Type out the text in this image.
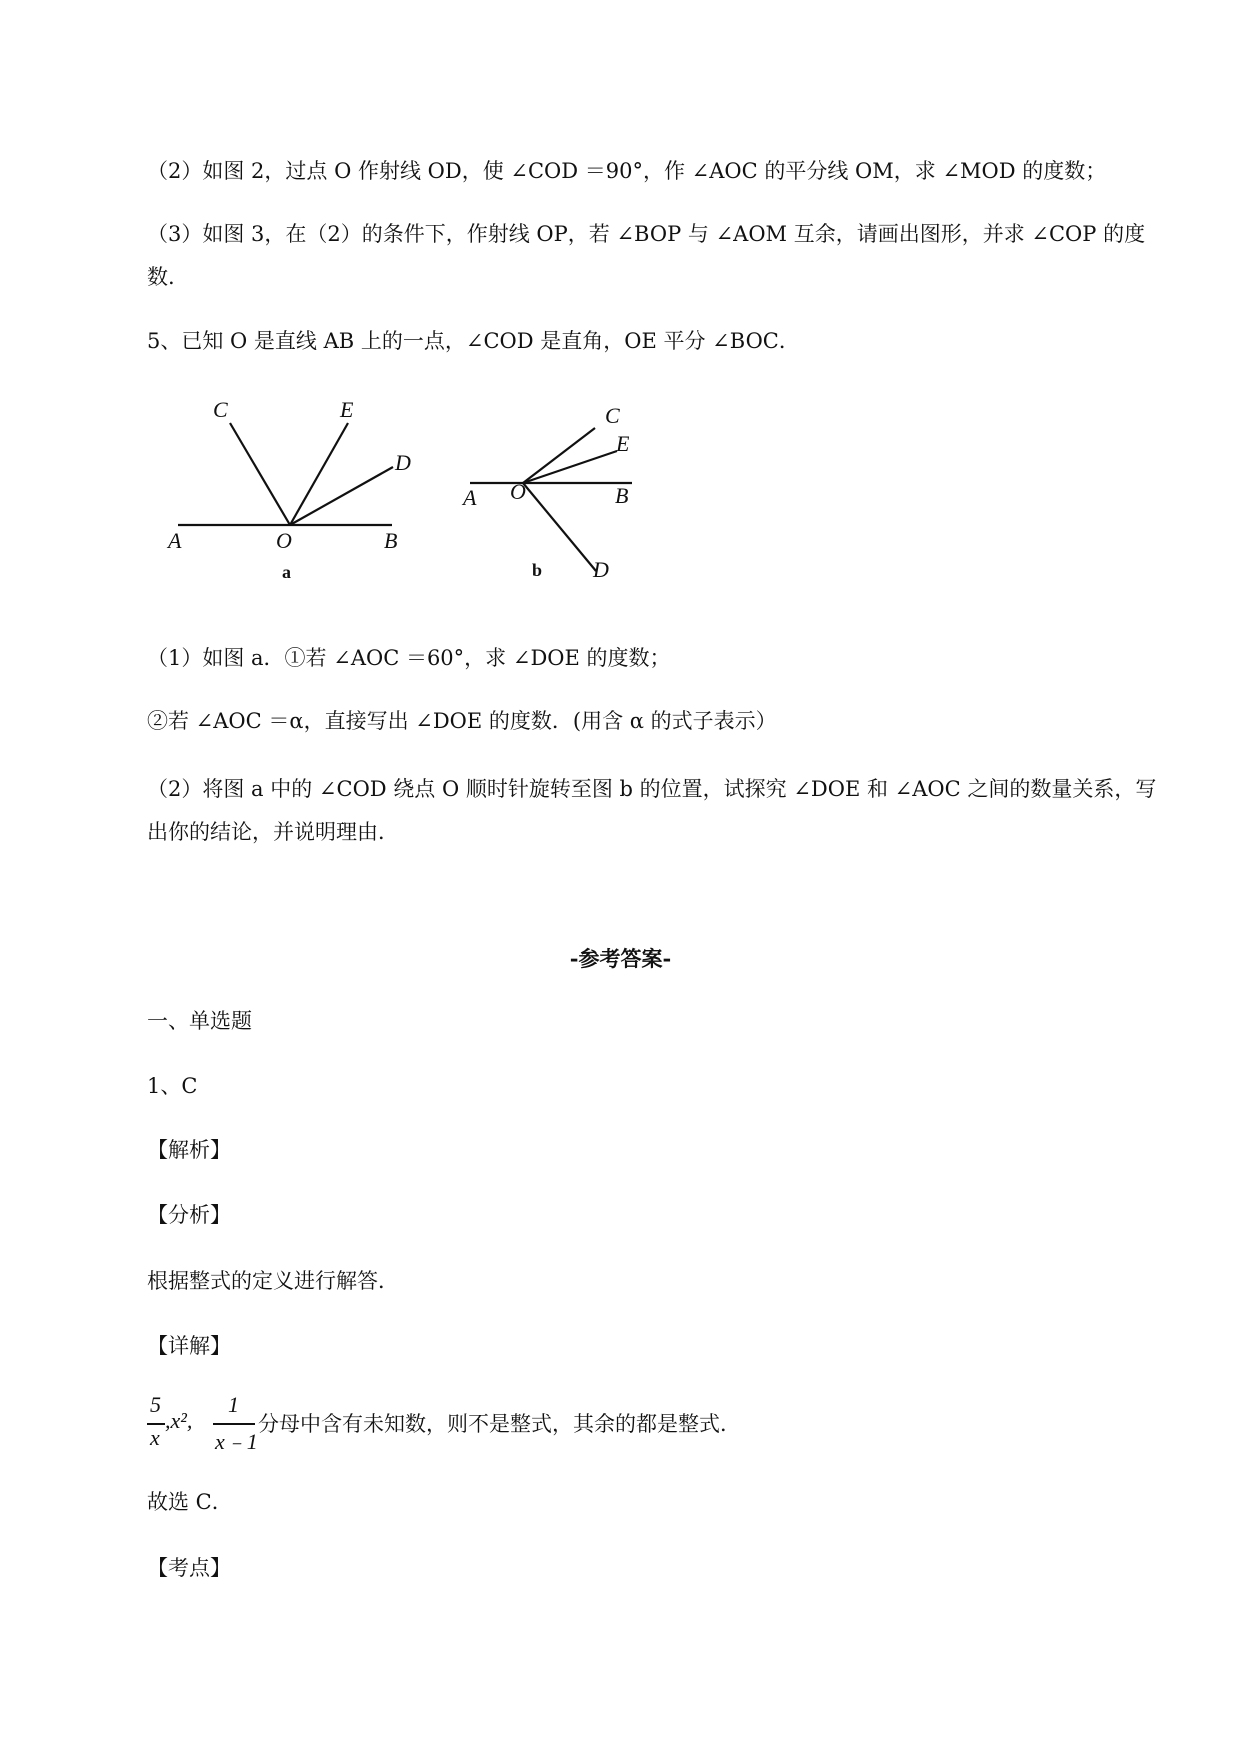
（2）如图 2，过点 O 作射线 OD，使 ∠COD ＝90°，作 ∠AOC 的平分线 OM，求 ∠MOD 的度数；
（3）如图 3，在（2）的条件下，作射线 OP，若 ∠BOP 与 ∠AOM 互余，请画出图形，并求 ∠COP 的度
数.
5、已知 O 是直线 AB 上的一点，∠COD 是直角，OE 平分 ∠BOC．
C	E
D
A	O	B
a
C
E
A O	B
D
b
（1）如图 a．①若 ∠AOC ＝60°，求 ∠DOE 的度数；
②若 ∠AOC ＝α，直接写出 ∠DOE 的度数．(用含 α 的式子表示）
（2）将图 a 中的 ∠COD 绕点 O 顺时针旋转至图 b 的位置，试探究 ∠DOE 和 ∠AOC 之间的数量关系，写
出你的结论，并说明理由．
-参考答案-
一、单选题
1、C
【解析】
【分析】
根据整式的定义进行解答．
【详解】
5
x
,x²,
1
x﹣1
分母中含有未知数，则不是整式，其余的都是整式．
故选 C．
【考点】
